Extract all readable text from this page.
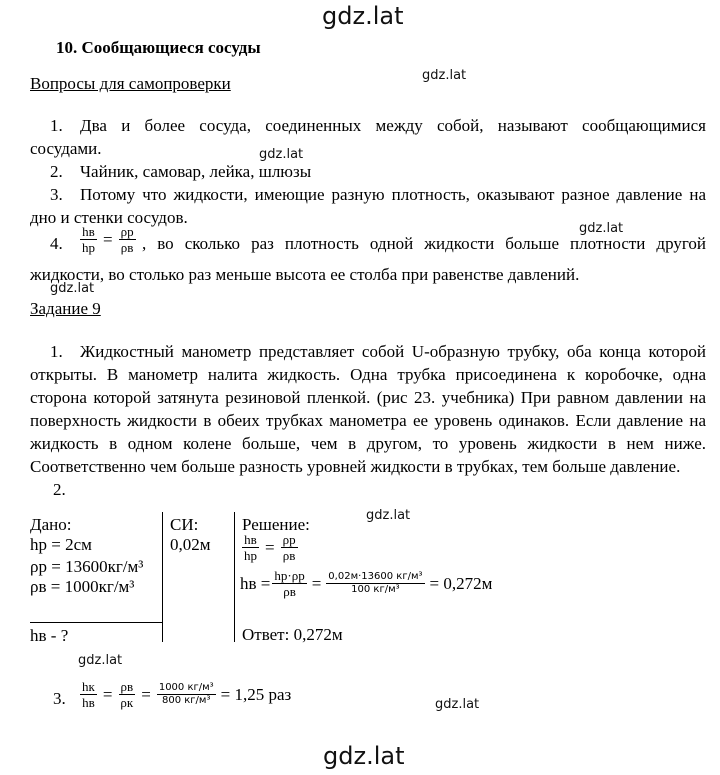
gdz.lat
gdz.lat
gdz.lat
gdz.lat
gdz.lat
gdz.lat
gdz.lat
gdz.lat
gdz.lat
10. Сообщающиеся сосуды
Вопросы для самопроверки
1. Два и более сосуда, соединенных между собой, называют сообщающимися
сосудами.
2. Чайник, самовар, лейка, шлюзы
3. Потому что жидкости, имеющие разную плотность, оказывают разное давление на
дно и стенки сосудов.
4. $\frac{hв}{hр} = \frac{\rho р}{\rho в}$ , во сколько раз плотность одной жидкости больше плотности другой
жидкости, во столько раз меньше высота ее столба при равенстве давлений.
Задание 9
1. Жидкостный манометр представляет собой U-образную трубку, оба конца которой
открыты. В манометр налита жидкость. Одна трубка присоединена к коробочке, одна
сторона которой затянута резиновой пленкой. (рис 23. учебника) При равном давлении на
поверхность жидкости в обеих трубках манометра ее уровень одинаков. Если давление на
жидкость в одном колене больше, чем в другом, то уровень жидкости в нем ниже.
Соответственно чем больше разность уровней жидкости в трубках, тем больше давление.
2.
Дано:
hр = 2см
ρр = 13600кг/м³
ρв = 1000кг/м³
hв - ?
СИ:
0,02м
Решение:
$\frac{hв}{hр} = \frac{\rho р}{\rho в}$
hв = $\frac{hр\cdot\rho р}{\rho в} = \frac{\text{0,02м·13600 кг/м³}}{\text{100 кг/м³}} = 0,272м$
Ответ: 0,272м
3. $\frac{hк}{hв} = \frac{\rho в}{\rho к} = \frac{\text{1000 кг/м³}}{\text{800 кг/м³}} = 1,25$ раз
